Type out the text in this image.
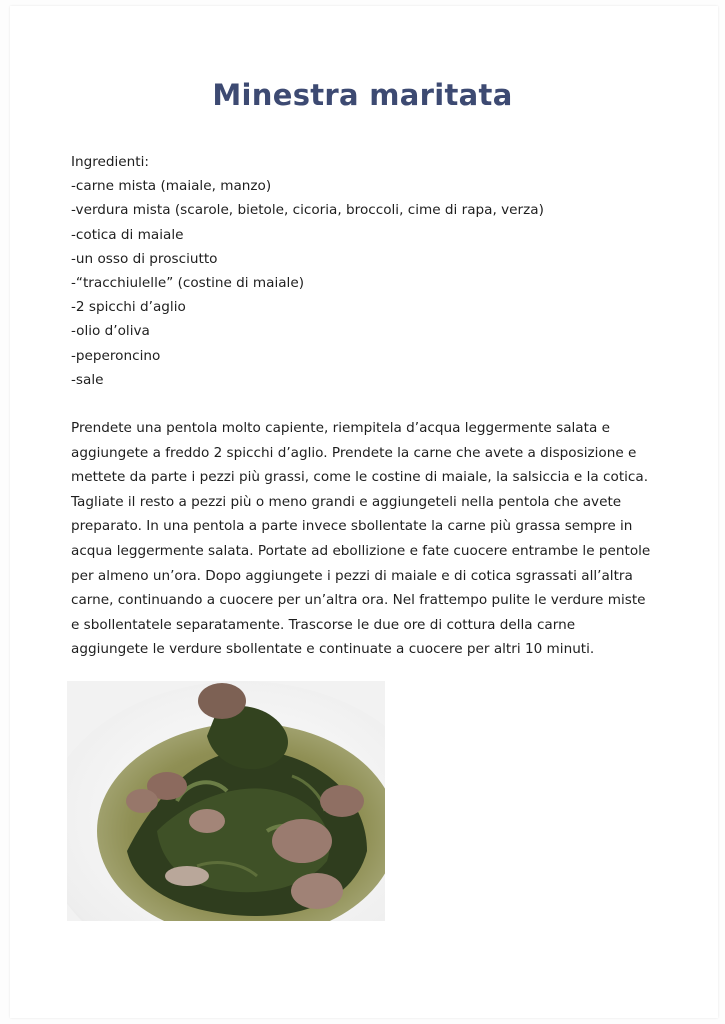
Minestra maritata
Ingredienti:
-carne mista (maiale, manzo)
-verdura mista (scarole, bietole, cicoria, broccoli, cime di rapa, verza)
-cotica di maiale
-un osso di prosciutto
-“tracchiulelle” (costine di maiale)
-2 spicchi d’aglio
-olio d’oliva
-peperoncino
-sale
Prendete una pentola molto capiente, riempitela d’acqua leggermente salata e
aggiungete a freddo 2 spicchi d’aglio. Prendete la carne che avete a disposizione e
mettete da parte i pezzi più grassi, come le costine di maiale, la salsiccia e la cotica.
Tagliate il resto a pezzi più o meno grandi e aggiungeteli nella pentola che avete
preparato. In una pentola a parte invece sbollentate la carne più grassa sempre in
acqua leggermente salata. Portate ad ebollizione e fate cuocere entrambe le pentole
per almeno un’ora. Dopo aggiungete i pezzi di maiale e di cotica sgrassati all’altra
carne, continuando a cuocere per un’altra ora. Nel frattempo pulite le verdure miste
e sbollentatele separatamente. Trascorse le due ore di cottura della carne
aggiungete le verdure sbollentate e continuate a cuocere per altri 10 minuti.
